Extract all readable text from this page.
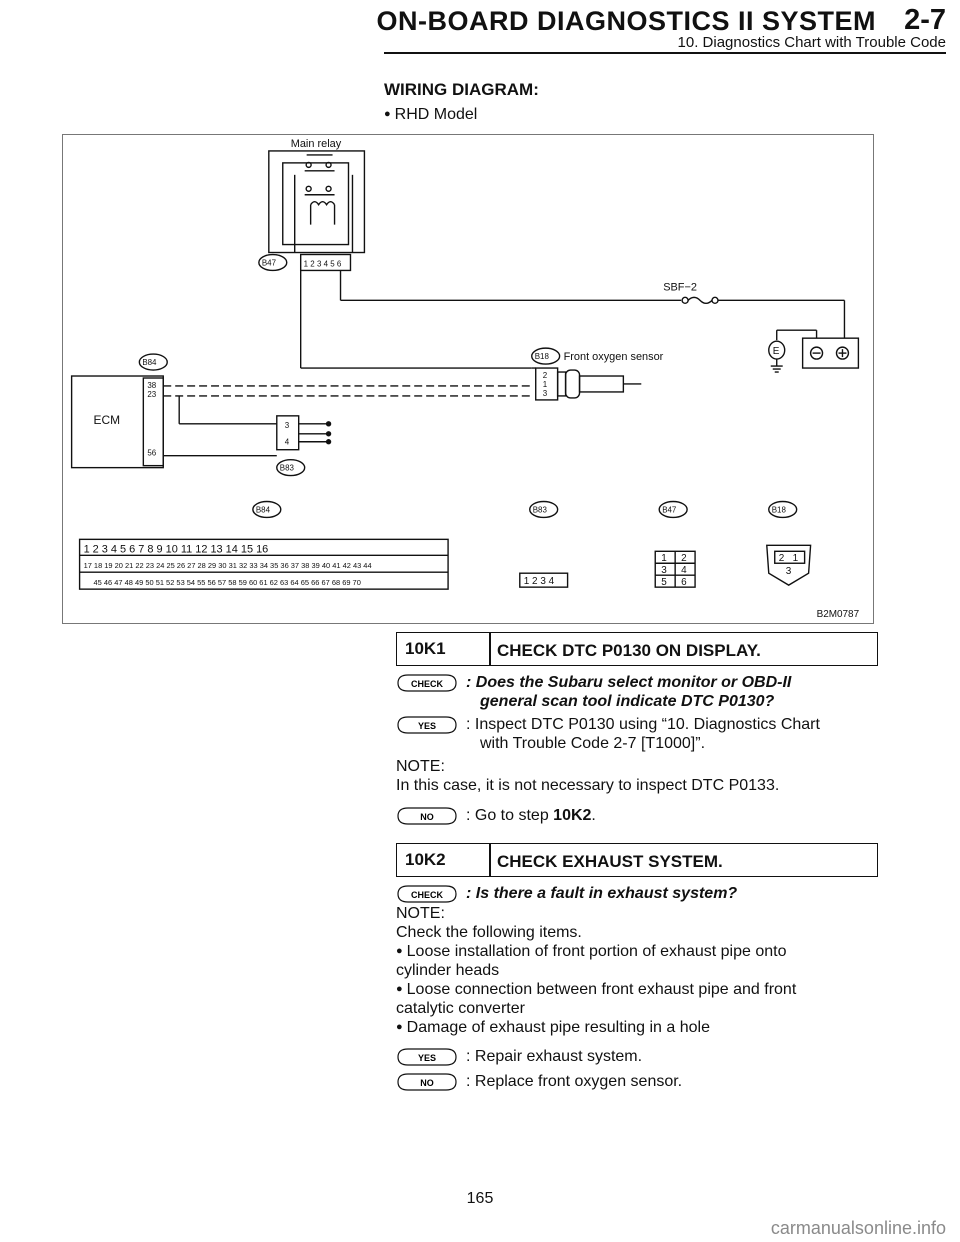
ON-BOARD DIAGNOSTICS II SYSTEM 2-7
10. Diagnostics Chart with Trouble Code
WIRING DIAGRAM:
● RHD Model
Main relay
1 2 3 4 5 6
B47
SBF−2
E
B84
ECM
38
23
56
3
4
B83
B18 Front oxygen sensor
2
1
3
B84	B83	B47	B18
1 2 3 4 5 6 7 8 9 10 11 12 13 14 15 16
17 18 19 20 21 22 23 24 25 26 27 28 29 30 31 32 33 34 35 36 37 38 39 40 41 42 43 44
45 46 47 48 49 50 51 52 53 54 55 56 57 58 59 60 61 62 63 64 65 66 67 68 69 70	1 2 3 4
1 2
3 4
5 6
2 1
3
B2M0787
10K1	CHECK DTC P0130 ON DISPLAY.
CHECK : Does the Subaru select monitor or OBD-II
general scan tool indicate DTC P0130?
YES : Inspect DTC P0130 using “10. Diagnostics Chart
with Trouble Code 2-7 [T1000]”.
NOTE:
In this case, it is not necessary to inspect DTC P0133.
NO : Go to step 10K2.
10K2	CHECK EXHAUST SYSTEM.
CHECK : Is there a fault in exhaust system?
NOTE:
Check the following items.
● Loose installation of front portion of exhaust pipe onto
cylinder heads
● Loose connection between front exhaust pipe and front
catalytic converter
● Damage of exhaust pipe resulting in a hole
YES : Repair exhaust system.
NO : Replace front oxygen sensor.
165
carmanualsonline.info
